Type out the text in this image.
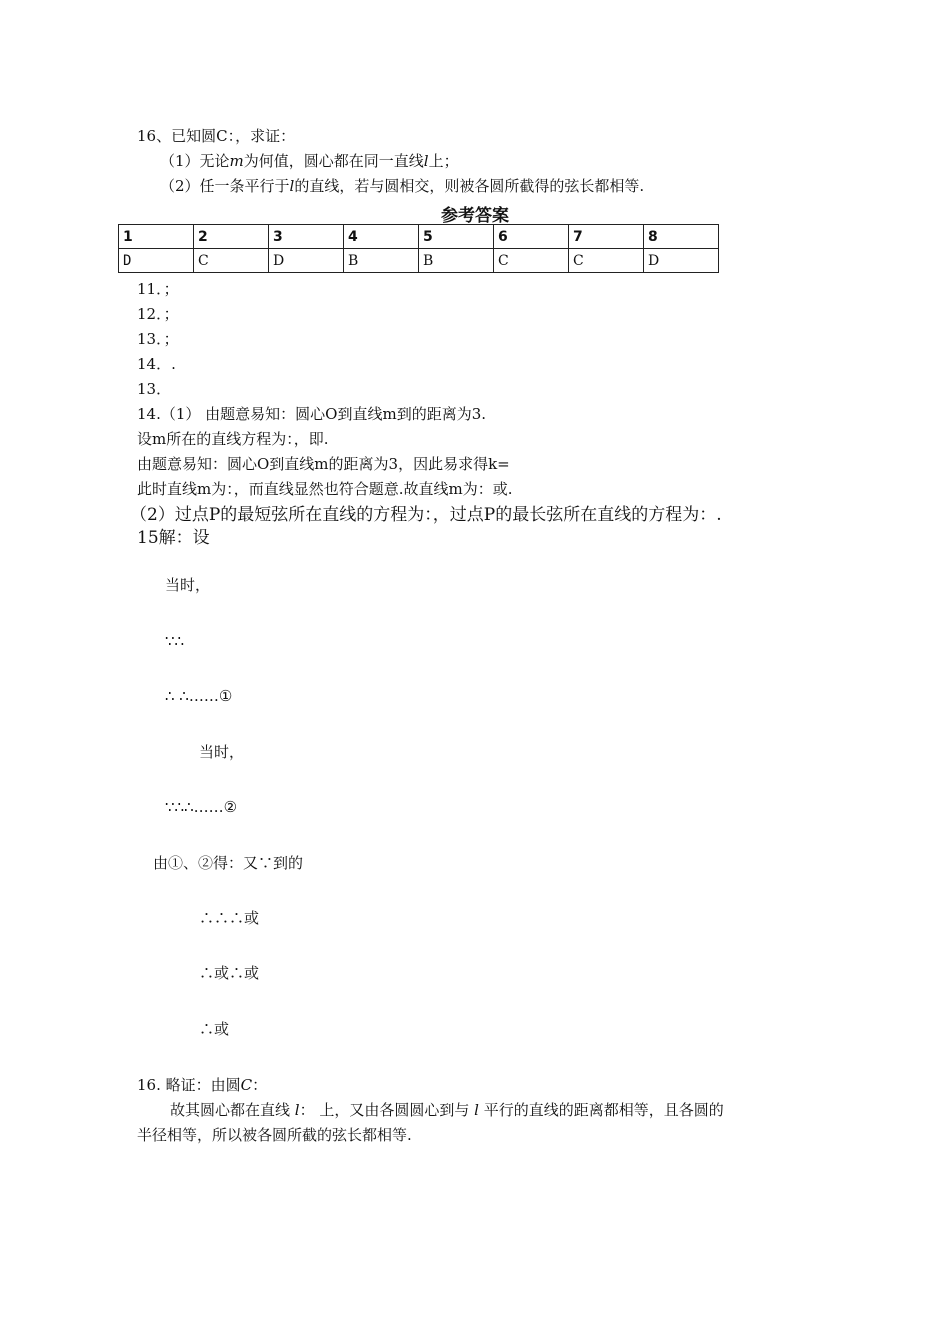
16、已知圆C：，求证：
（1）无论m为何值，圆心都在同一直线l上；
（2）任一条平行于l的直线，若与圆相交，则被各圆所截得的弦长都相等.
参考答案
1	2	3	4	5	6	7	8
D	C	D	B	B	C	C	D
11．；
12．；
13．；
14．.
13．
14.（1） 由题意易知：圆心O到直线m到的距离为3.
设m所在的直线方程为：，即.
由题意易知：圆心O到直线m的距离为3，因此易求得k=
此时直线m为：，而直线显然也符合题意.故直线m为：或.
（2）过点P的最短弦所在直线的方程为：，过点P的最长弦所在直线的方程为：.
15解：设
当时，
∵∴
∴ ∴……①
当时，
∵∴∴……②
由①、②得：又∵到的
∴∴∴或
∴或∴或
∴或
16. 略证：由圆C：
故其圆心都在直线 l： 上，又由各圆圆心到与 l 平行的直线的距离都相等，且各圆的
半径相等，所以被各圆所截的弦长都相等.
